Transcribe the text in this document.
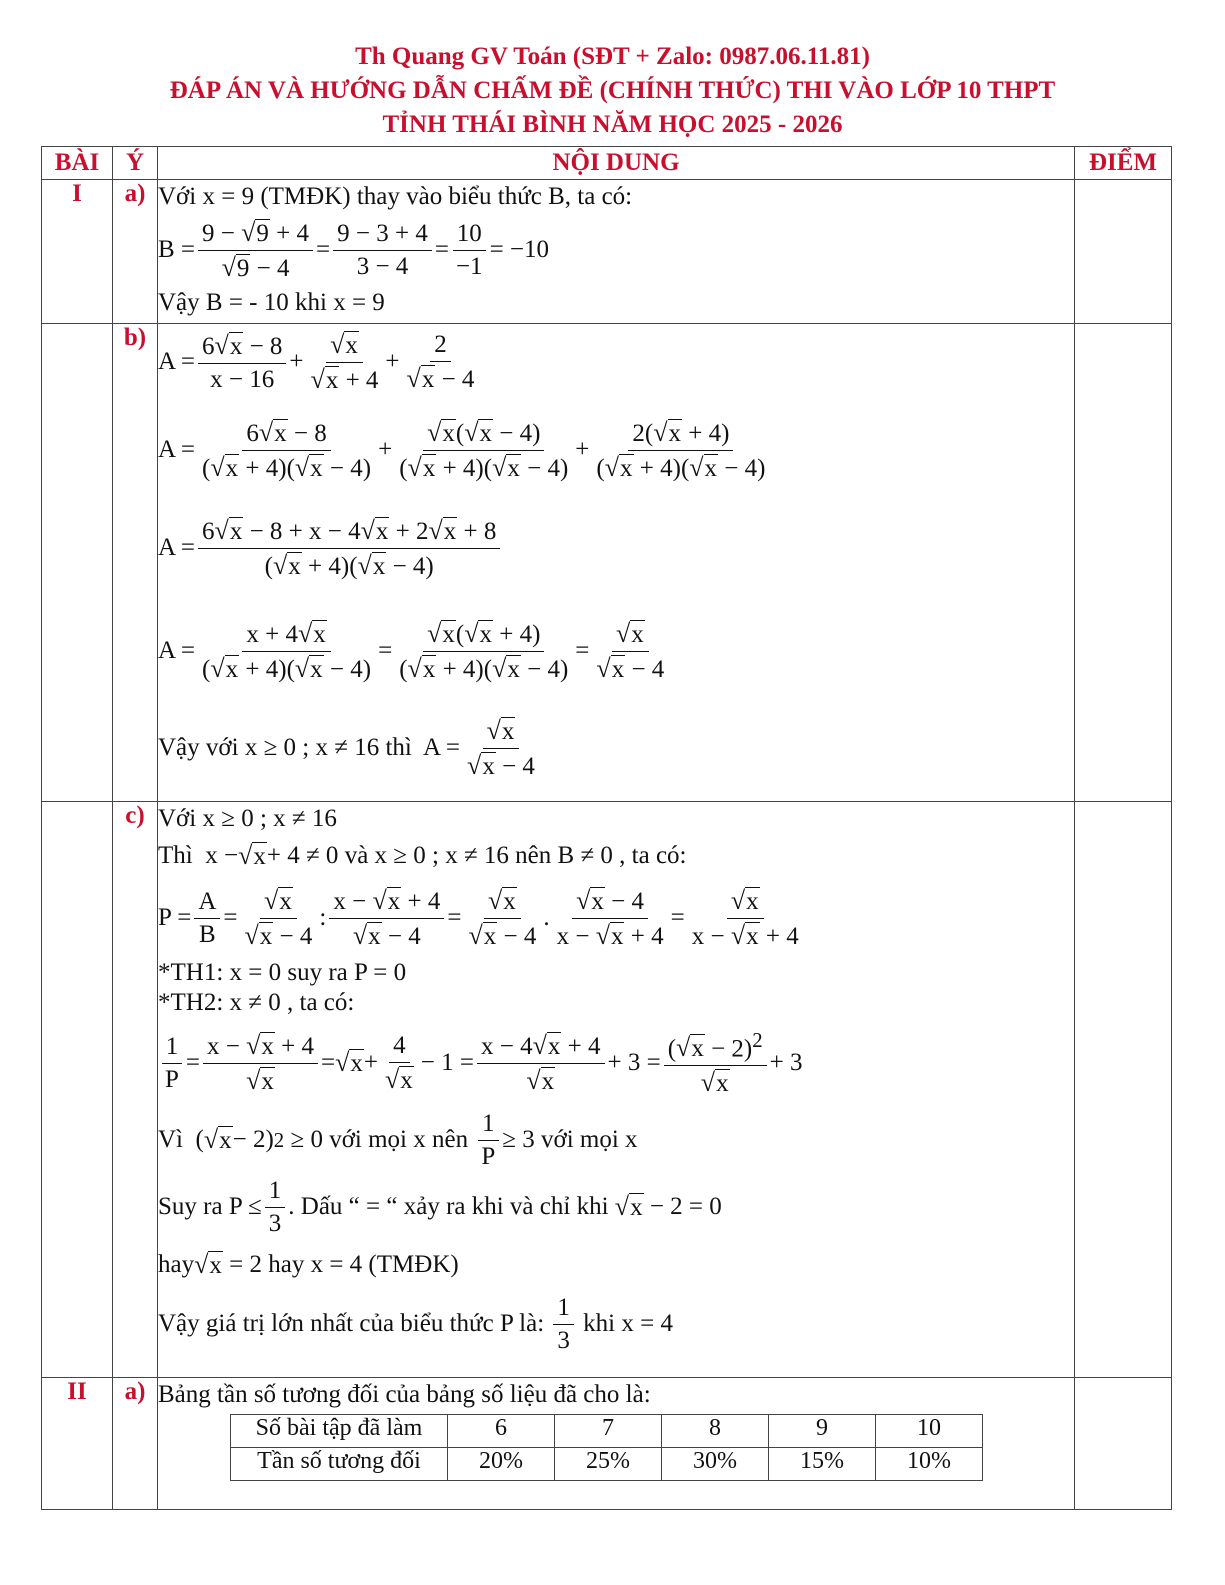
Th Quang GV Toán (SĐT + Zalo: 0987.06.11.81)
ĐÁP ÁN VÀ HƯỚNG DẪN CHẤM ĐỀ (CHÍNH THỨC) THI VÀO LỚP 10 THPT
TỈNH THÁI BÌNH NĂM HỌC 2025 - 2026
BÀI	Ý	NỘI DUNG	ĐIỂM
I	a)	Với x = 9 (TMĐK) thay vào biểu thức B, ta có:
$B = \frac{9 - √9 + 4}{√9 - 4} = \frac{9 - 3 + 4}{3 - 4} = \frac{10}{-1} = -10$
Vậy B = - 10 khi x = 9

	b)	
$A = \frac{6√x - 8}{x - 16} + \frac{√x}{√x + 4} + \frac{2}{√x - 4}$
$A = \frac{6√x - 8}{(√x + 4)(√x - 4)} + \frac{√x(√x - 4)}{(√x + 4)(√x - 4)} + \frac{2(√x + 4)}{(√x + 4)(√x - 4)}$
$A = \frac{6√x - 8 + x - 4√x + 2√x + 8}{(√x + 4)(√x - 4)}$
$A = \frac{x + 4√x}{(√x + 4)(√x - 4)} = \frac{√x(√x + 4)}{(√x + 4)(√x - 4)} = \frac{√x}{√x - 4}$
Vậy với
x ≥ 0 ; x ≠ 16
thì $A = \frac{√x}{√x - 4}$

	c)	Với x ≥ 0 ; x ≠ 16
Thì x − √x + 4 ≠ 0 và x ≥ 0 ; x ≠ 16 nên B ≠ 0 , ta có:
$P = \frac{A}{B} = \frac{√x}{√x - 4}$ : $\frac{x - √x + 4}{√x - 4} = \frac{√x}{√x - 4}$ . $\frac{√x - 4}{x - √x + 4} = \frac{√x}{x - √x + 4}$
*TH1: x = 0 suy ra P = 0
*TH2: x ≠ 0 , ta có:
$\frac{1}{P} = \frac{x - √x + 4}{√x} = √x + \frac{4}{√x} - 1 = \frac{x - 4√x + 4}{√x} + 3 = \frac{(√x - 2)^2}{√x} + 3$
Vì ( √x − 2) 2
≥ 0 với mọi x nên
$\frac{1}{P} \ge 3$ với mọi x
Suy ra $P \le \frac{1}{3}$ . Dấu “ = “ xảy ra khi và chỉ khi
√x − 2 = 0
hay √x
= 2 hay x = 4 (TMĐK)
Vậy giá trị lớn nhất của biểu thức P là:
$\frac{1}{3}$
khi x = 4

II	a)	Bảng tần số tương đối của bảng số liệu đã cho là:
Số bài tập đã làm	6	7	8	9	10
Tần số tương đối	20%	25%	30%	15%	10%
